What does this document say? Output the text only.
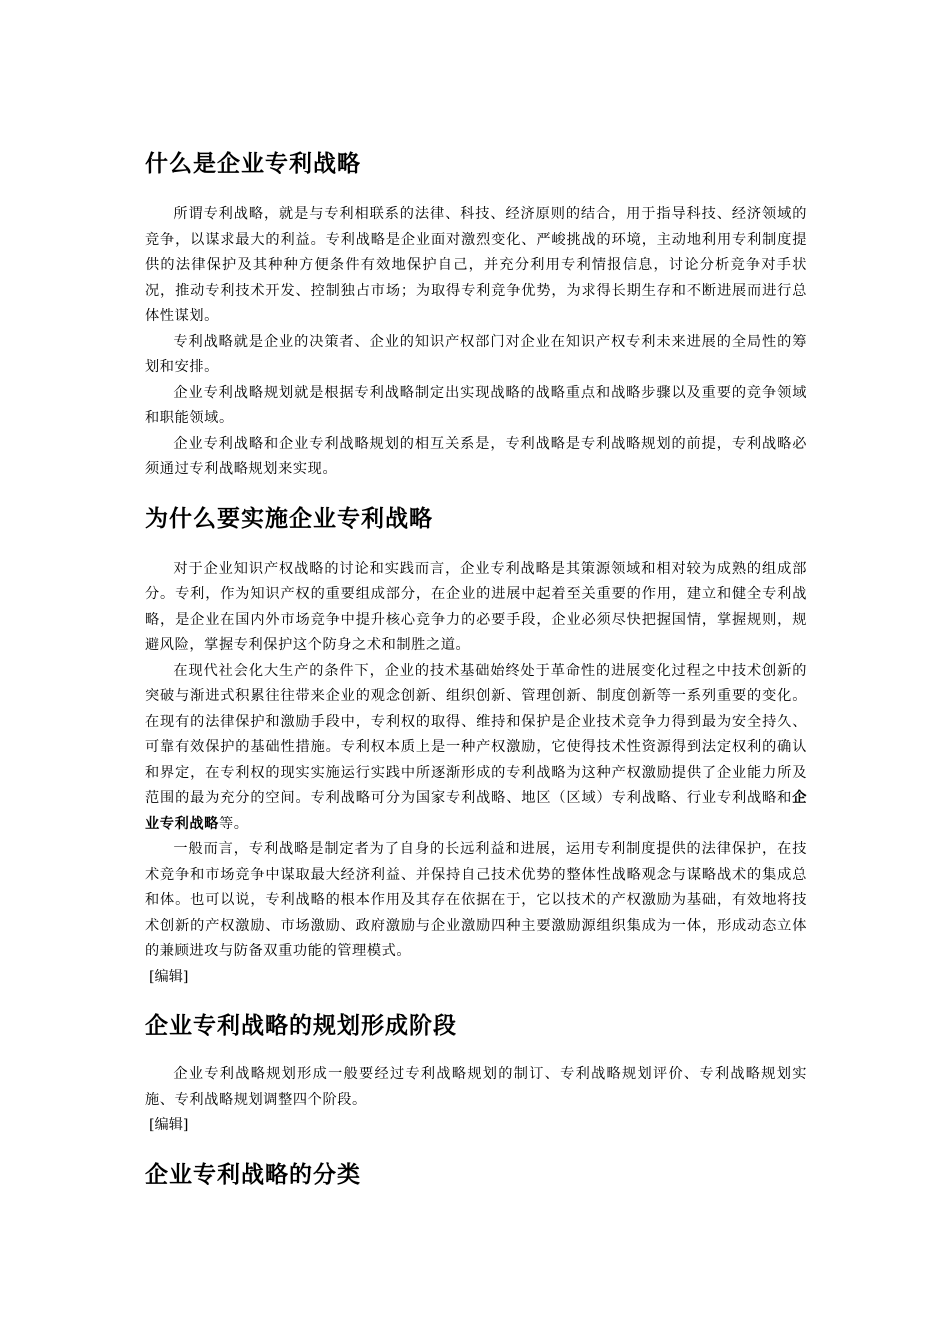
什么是企业专利战略

所谓专利战略，就是与专利相联系的法律、科技、经济原则的结合，用于指导科技、经济领域的竞争，以谋求最大的利益。专利战略是企业面对激烈变化、严峻挑战的环境，主动地利用专利制度提供的法律保护及其种种方便条件有效地保护自己，并充分利用专利情报信息，讨论分析竞争对手状况，推动专利技术开发、控制独占市场；为取得专利竞争优势，为求得长期生存和不断进展而进行总体性谋划。

专利战略就是企业的决策者、企业的知识产权部门对企业在知识产权专利未来进展的全局性的筹划和安排。

企业专利战略规划就是根据专利战略制定出实现战略的战略重点和战略步骤以及重要的竞争领域和职能领域。

企业专利战略和企业专利战略规划的相互关系是，专利战略是专利战略规划的前提，专利战略必须通过专利战略规划来实现。

为什么要实施企业专利战略

对于企业知识产权战略的讨论和实践而言，企业专利战略是其策源领域和相对较为成熟的组成部分。专利，作为知识产权的重要组成部分，在企业的进展中起着至关重要的作用，建立和健全专利战略，是企业在国内外市场竞争中提升核心竞争力的必要手段，企业必须尽快把握国情，掌握规则，规避风险，掌握专利保护这个防身之术和制胜之道。

在现代社会化大生产的条件下，企业的技术基础始终处于革命性的进展变化过程之中技术创新的突破与渐进式积累往往带来企业的观念创新、组织创新、管理创新、制度创新等一系列重要的变化。在现有的法律保护和激励手段中，专利权的取得、维持和保护是企业技术竞争力得到最为安全持久、可靠有效保护的基础性措施。专利权本质上是一种产权激励，它使得技术性资源得到法定权利的确认和界定，在专利权的现实实施运行实践中所逐渐形成的专利战略为这种产权激励提供了企业能力所及范围的最为充分的空间。专利战略可分为国家专利战略、地区（区域）专利战略、行业专利战略和企业专利战略等。

一般而言，专利战略是制定者为了自身的长远利益和进展，运用专利制度提供的法律保护，在技术竞争和市场竞争中谋取最大经济利益、并保持自己技术优势的整体性战略观念与谋略战术的集成总和体。也可以说，专利战略的根本作用及其存在依据在于，它以技术的产权激励为基础，有效地将技术创新的产权激励、市场激励、政府激励与企业激励四种主要激励源组织集成为一体，形成动态立体的兼顾进攻与防备双重功能的管理模式。

[编辑]
企业专利战略的规划形成阶段

企业专利战略规划形成一般要经过专利战略规划的制订、专利战略规划评价、专利战略规划实施、专利战略规划调整四个阶段。

[编辑]
企业专利战略的分类
